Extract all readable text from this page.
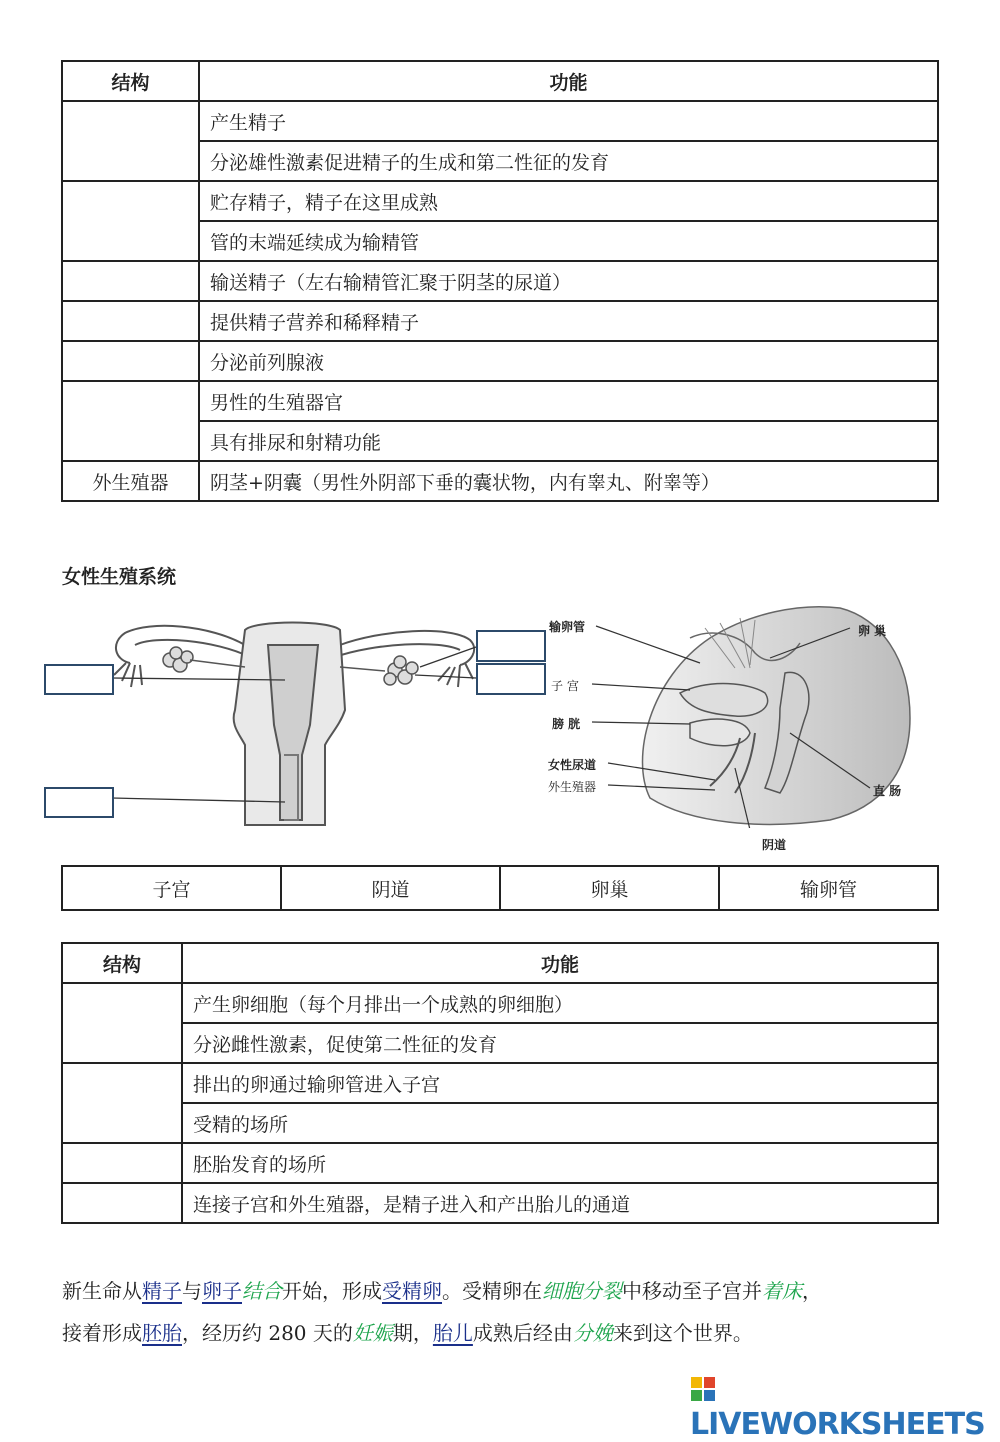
结构	功能
	产生精子
	分泌雄性激素促进精子的生成和第二性征的发育
	贮存精子，精子在这里成熟
	管的末端延续成为输精管
	输送精子（左右输精管汇聚于阴茎的尿道）
	提供精子营养和稀释精子
	分泌前列腺液
	男性的生殖器官
	具有排尿和射精功能
外生殖器	阴茎+阴囊（男性外阴部下垂的囊状物，内有睾丸、附睾等）
女性生殖系统
输卵管	卵 巢
子 宫
膀 胱
女性尿道
外生殖器	直 肠
阴道
子宫	阴道	卵巢	输卵管
结构	功能
	产生卵细胞（每个月排出一个成熟的卵细胞）
	分泌雌性激素，促使第二性征的发育
	排出的卵通过输卵管进入子宫
	受精的场所
	胚胎发育的场所
	连接子宫和外生殖器，是精子进入和产出胎儿的通道
新生命从精子与卵子结合开始，形成受精卵。受精卵在细胞分裂中移动至子宫并着床，
接着形成胚胎，经历约 280 天的妊娠期，胎儿成熟后经由分娩来到这个世界。
LIVEWORKSHEETS
